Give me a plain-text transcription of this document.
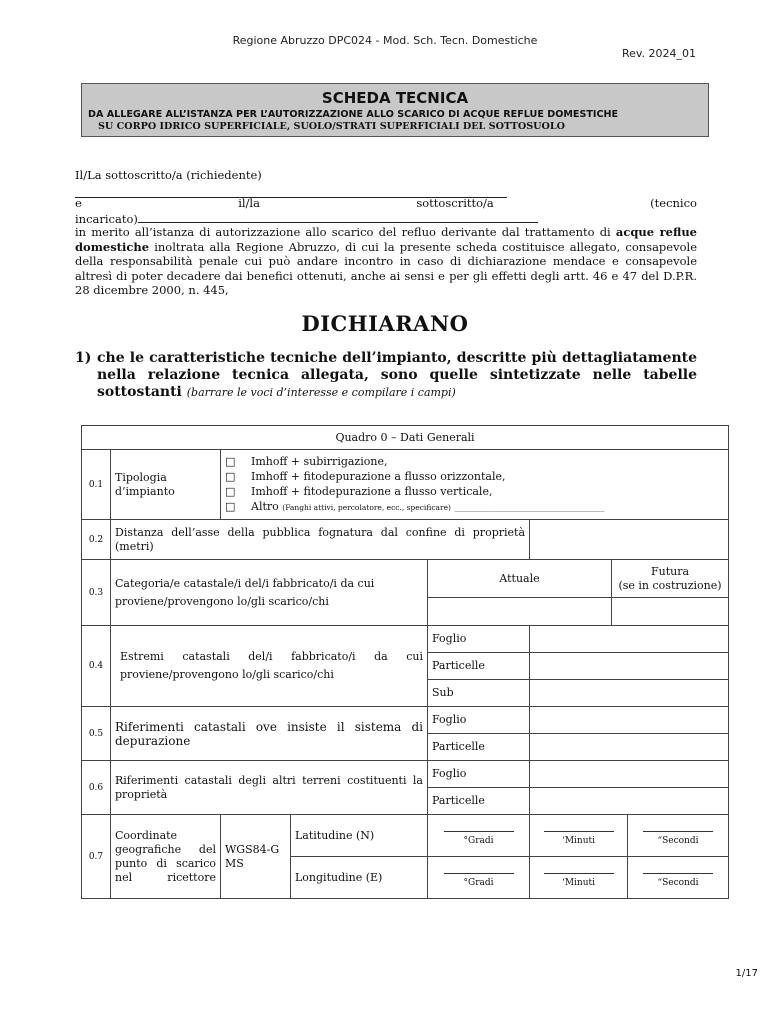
Regione Abruzzo DPC024 - Mod. Sch. Tecn. Domestiche
Rev. 2024_01
SCHEDA TECNICA
DA ALLEGARE ALL’ISTANZA PER L’AUTORIZZAZIONE ALLO SCARICO DI ACQUE REFLUE DOMESTICHE
SU CORPO IDRICO SUPERFICIALE, SUOLO/STRATI SUPERFICIALI DEL SOTTOSUOLO
Il/La sottoscritto/a (richiedente)
e	il/la	sottoscritto/a	(tecnico
incaricato)
in merito all’istanza di autorizzazione allo scarico del refluo derivante dal trattamento di acque reflue domestiche inoltrata alla Regione Abruzzo, di cui la presente scheda costituisce allegato, consapevole della responsabilità penale cui può andare incontro in caso di dichiarazione mendace e consapevole altresì di poter decadere dai benefici ottenuti, anche ai sensi e per gli effetti degli artt. 46 e 47 del D.P.R. 28 dicembre 2000, n. 445,
DICHIARANO
1) che le caratteristiche tecniche dell’impianto, descritte più dettagliatamente nella relazione tecnica allegata, sono quelle sintetizzate nelle tabelle sottostanti (barrare le voci d’interesse e compilare i campi)
Quadro 0 – Dati Generali							
0.1	Tipologia d’impianto	□ Imhoff + subirrigazione,
□ Imhoff + fitodepurazione a flusso orizzontale,
□ Imhoff + fitodepurazione a flusso verticale,
□ Altro (Fanghi attivi, percolatore, ecc., specificare) ________________________________________					

0.2	Distanza dell’asse della pubblica fognatura dal confine di proprietà (metri)						
0.3	Categoria/e catastale/i del/i fabbricato/i da cui proviene/provengono lo/gli scarico/chi			Attuale		Futura
(se in costruzione)	

0.4	Estremi catastali del/i fabbricato/i da cui proviene/provengono lo/gli scarico/chi			Foglio			
				Particelle			
				Sub			
0.5	Riferimenti catastali ove insiste il sistema di depurazione			Foglio			
				Particelle			
0.6	Riferimenti catastali degli altri terreni costituenti la proprietà			Foglio			
				Particelle			
0.7	Coordinate geografiche del punto di scarico nel ricettore	WGS84-GMS	Latitudine (N)	°Gradi	‘Minuti		“Secondi

			Longitudine (E)	°Gradi	‘Minuti		“Secondi
1/17
